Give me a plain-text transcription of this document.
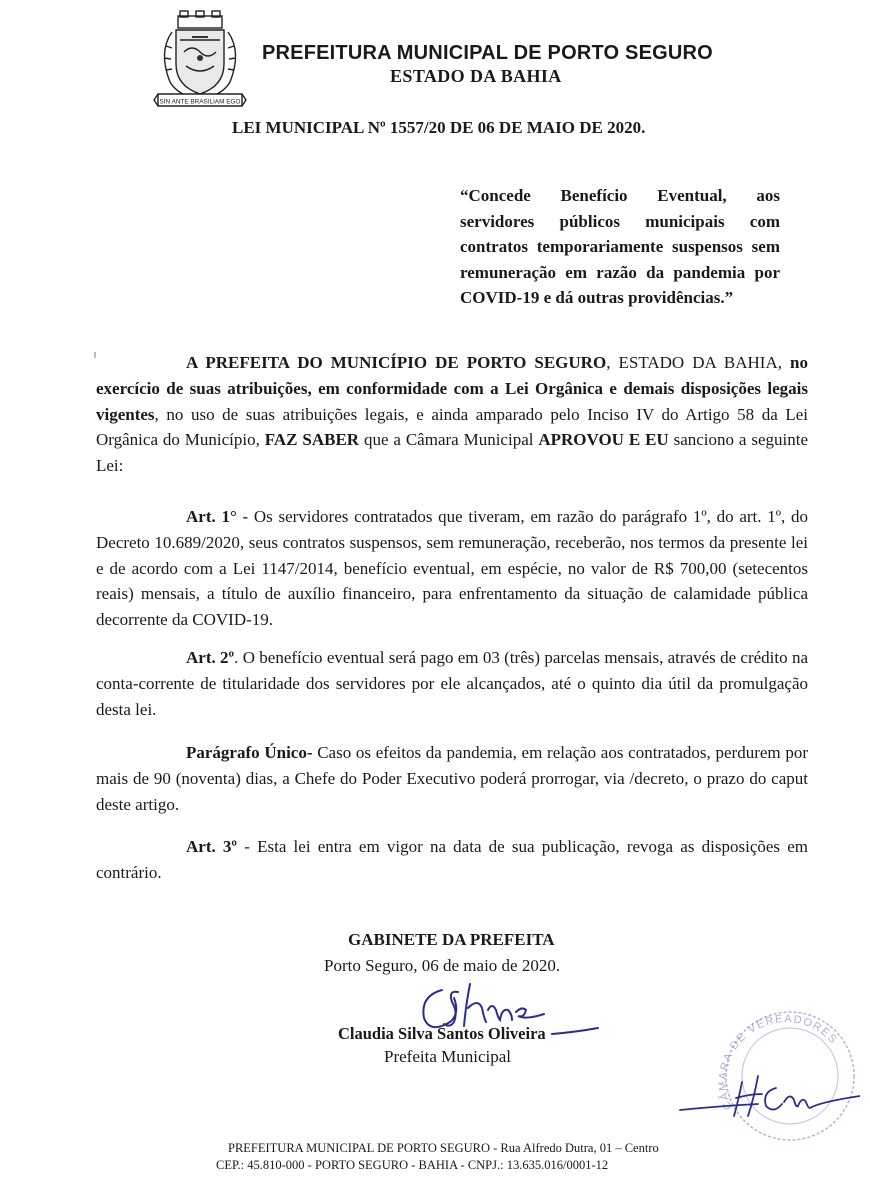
SIN ANTE BRASILIAM EGO
PREFEITURA MUNICIPAL DE PORTO SEGURO
ESTADO DA BAHIA
LEI MUNICIPAL Nº 1557/20 DE 06 DE MAIO DE 2020.
“Concede Benefício Eventual, aos servidores públicos municipais com contratos temporariamente suspensos sem remuneração em razão da pandemia por COVID-19 e dá outras providências.”
A PREFEITA DO MUNICÍPIO DE PORTO SEGURO, ESTADO DA BAHIA, no exercício de suas atribuições, em conformidade com a Lei Orgânica e demais disposições legais vigentes, no uso de suas atribuições legais, e ainda amparado pelo Inciso IV do Artigo 58 da Lei Orgânica do Município, FAZ SABER que a Câmara Municipal APROVOU E EU sanciono a seguinte Lei:
Art. 1° - Os servidores contratados que tiveram, em razão do parágrafo 1º, do art. 1º, do Decreto 10.689/2020, seus contratos suspensos, sem remuneração, receberão, nos termos da presente lei e de acordo com a Lei 1147/2014, benefício eventual, em espécie, no valor de R$ 700,00 (setecentos reais) mensais, a título de auxílio financeiro, para enfrentamento da situação de calamidade pública decorrente da COVID-19.
Art. 2º. O benefício eventual será pago em 03 (três) parcelas mensais, através de crédito na conta-corrente de titularidade dos servidores por ele alcançados, até o quinto dia útil da promulgação desta lei.
Parágrafo Único- Caso os efeitos da pandemia, em relação aos contratados, perdurem por mais de 90 (noventa) dias, a Chefe do Poder Executivo poderá prorrogar, via /decreto, o prazo do caput deste artigo.
Art. 3º - Esta lei entra em vigor na data de sua publicação, revoga as disposições em contrário.
GABINETE DA PREFEITA
Porto Seguro, 06 de maio de 2020.
Claudia Silva Santos Oliveira
Prefeita Municipal
CÂMARA DE VEREADORES
PREFEITURA MUNICIPAL DE PORTO SEGURO - Rua Alfredo Dutra, 01 – Centro
CEP.: 45.810-000 - PORTO SEGURO - BAHIA - CNPJ.: 13.635.016/0001-12
